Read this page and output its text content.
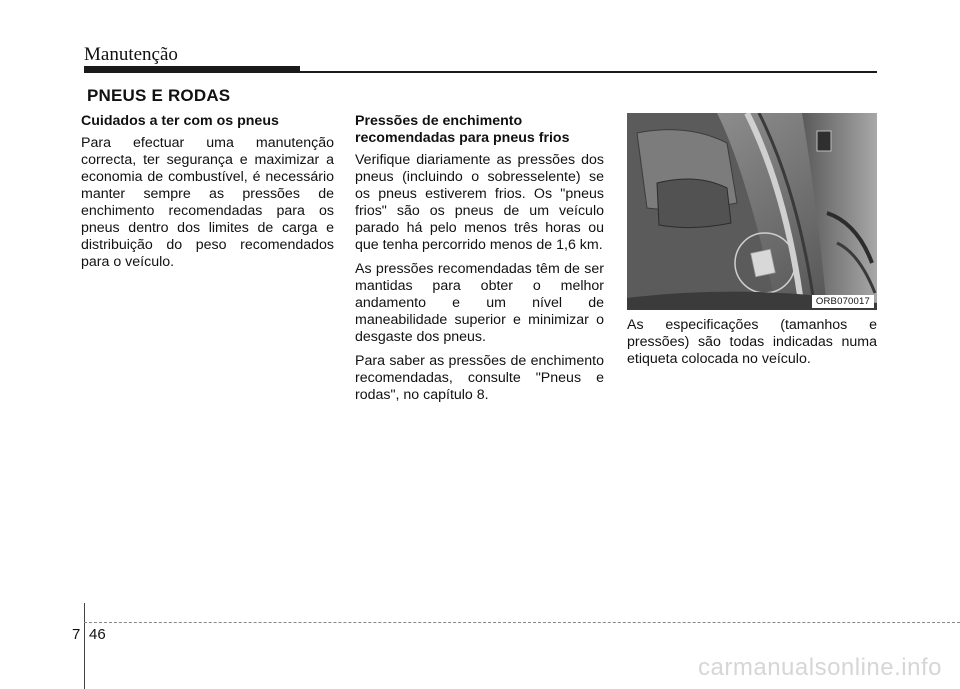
Manutenção
PNEUS E RODAS
Cuidados a ter com os pneus

Para efectuar uma manutenção correcta, ter segurança e maximizar a economia de combustível, é necessário manter sempre as pressões de enchimento recomendadas para os pneus dentro dos limites de carga e distribuição do peso recomendados para o veículo.

Pressões de enchimento recomendadas para pneus frios

Verifique diariamente as pressões dos pneus (incluindo o sobresselente) se os pneus estiverem frios. Os "pneus frios" são os pneus de um veículo parado há pelo menos três horas ou que tenha percorrido menos de 1,6 km.

As pressões recomendadas têm de ser mantidas para obter o melhor andamento e um nível de maneabilidade superior e minimizar o desgaste dos pneus.

Para saber as pressões de enchimento recomendadas, consulte "Pneus e rodas", no capítulo 8.

ORB070017

As especificações (tamanhos e pressões) são todas indicadas numa etiqueta colocada no veículo.

7 46
carmanualsonline.info
